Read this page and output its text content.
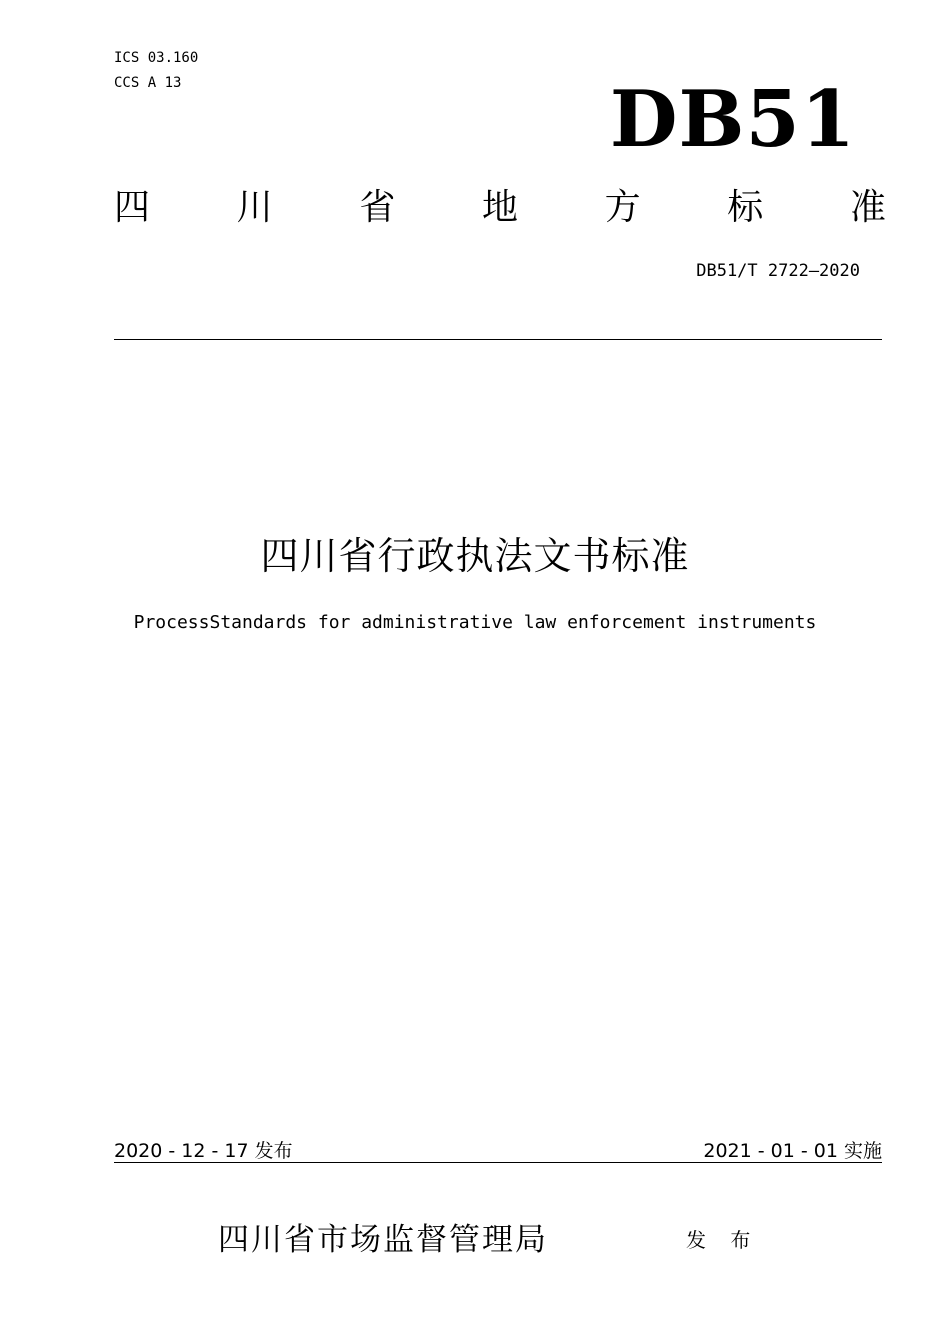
ICS 03.160
CCS A 13	DB51
四 川 省 地 方 标 准
DB51/T 2722—2020
四川省行政执法文书标准
ProcessStandards for administrative law enforcement instruments
2020 - 12 - 17 发布	2021 - 01 - 01 实施
四川省市场监督管理局	发 布
